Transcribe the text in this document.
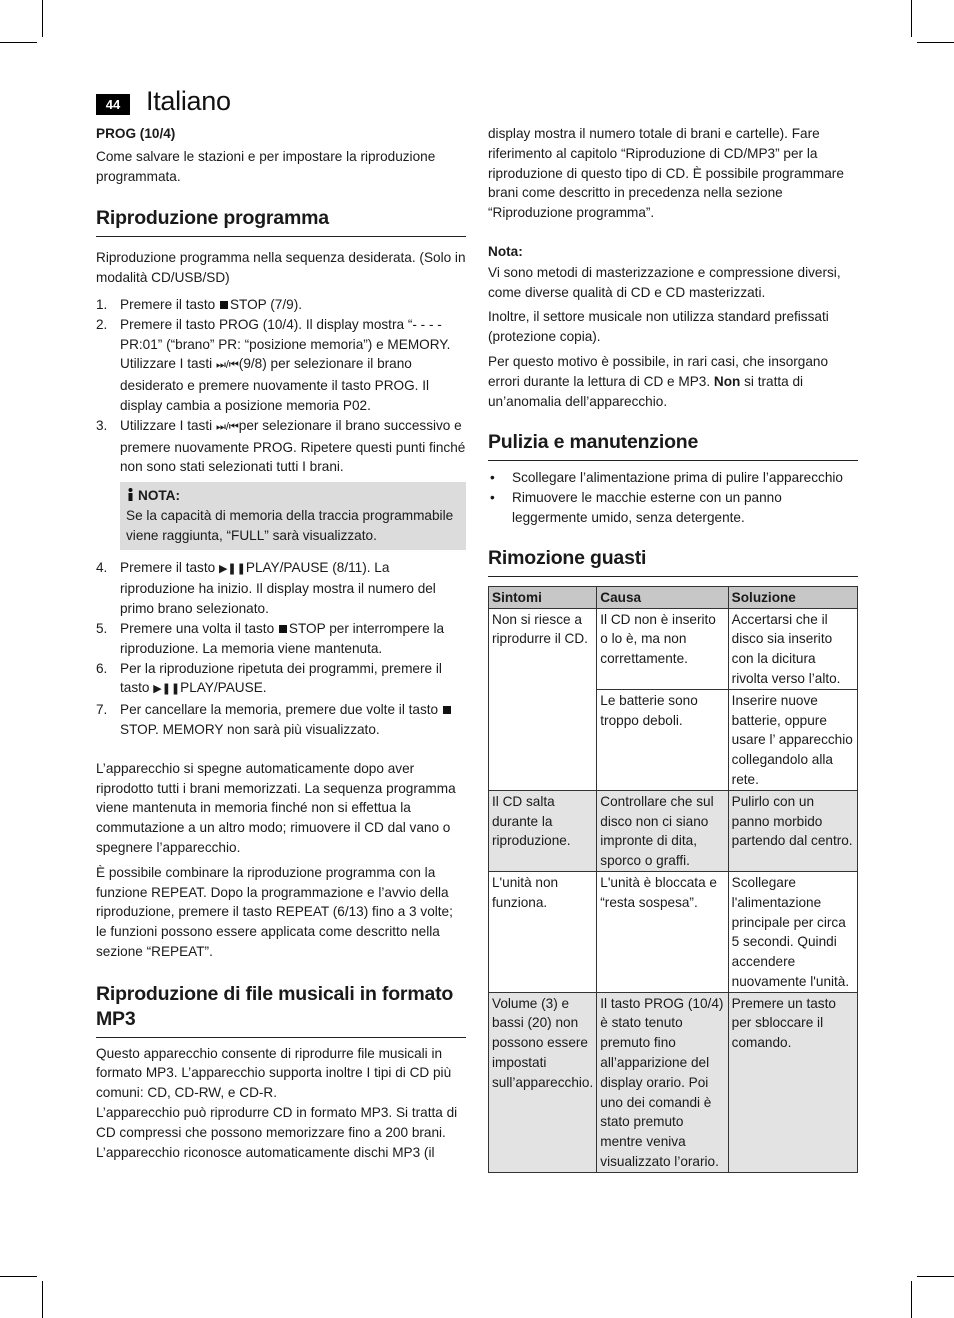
44 Italiano

PROG (10/4)

Come salvare le stazioni e per impostare la riproduzione programmata.

Riproduzione programma

Riproduzione programma nella sequenza desiderata. (Solo in modalità CD/USB/SD)

1. Premere il tasto STOP (7/9).
2. Premere il tasto PROG (10/4). Il display mostra “- - - - PR:01” (“brano” PR: “posizione memoria”) e MEMORY. Utilizzare I tasti ⏭/⏮(9/8) per selezionare il brano desiderato e premere nuovamente il tasto PROG. Il display cambia a posizione memoria P02.
3. Utilizzare I tasti ⏭/⏮per selezionare il brano successivo e premere nuovamente PROG. Ripetere questi punti finché non sono stati selezionati tutti I brani.
NOTA:
Se la capacità di memoria della traccia programmabile viene raggiunta, “FULL” sarà visualizzato.
4. Premere il tasto ▶❚❚PLAY/PAUSE (8/11). La riproduzione ha inizio. Il display mostra il numero del primo brano selezionato.
5. Premere una volta il tasto STOP per interrompere la riproduzione. La memoria viene mantenuta.
6. Per la riproduzione ripetuta dei programmi, premere il tasto ▶❚❚PLAY/PAUSE.
7. Per cancellare la memoria, premere due volte il tasto STOP. MEMORY non sarà più visualizzato.

L’apparecchio si spegne automaticamente dopo aver riprodotto tutti i brani memorizzati. La sequenza programma viene mantenuta in memoria finché non si effettua la commutazione a un altro modo; rimuovere il CD dal vano o spegnere l’apparecchio.

È possibile combinare la riproduzione programma con la funzione REPEAT. Dopo la programmazione e l’avvio della riproduzione, premere il tasto REPEAT (6/13) fino a 3 volte; le funzioni possono essere applicata come descritto nella sezione “REPEAT”.

Riproduzione di file musicali in formato MP3

Questo apparecchio consente di riprodurre file musicali in formato MP3. L’apparecchio supporta inoltre I tipi di CD più comuni: CD, CD-RW, e CD-R.

L’apparecchio può riprodurre CD in formato MP3. Si tratta di CD compressi che possono memorizzare fino a 200 brani. L’apparecchio riconosce automaticamente dischi MP3 (il

display mostra il numero totale di brani e cartelle). Fare riferimento al capitolo “Riproduzione di CD/MP3” per la riproduzione di questo tipo di CD. È possibile programmare brani come descritto in precedenza nella sezione “Riproduzione programma”.

Nota:

Vi sono metodi di masterizzazione e compressione diversi, come diverse qualità di CD e CD masterizzati.

Inoltre, il settore musicale non utilizza standard prefissati (protezione copia).

Per questo motivo è possibile, in rari casi, che insorgano errori durante la lettura di CD e MP3. Non si tratta di un’anomalia dell’apparecchio.

Pulizia e manutenzione
• Scollegare l’alimentazione prima di pulire l’apparecchio
• Rimuovere le macchie esterne con un panno leggermente umido, senza detergente.
Rimozione guasti
Sintomi	Causa	Soluzione
Non si riesce a riprodurre il CD.	Il CD non è inserito o lo è, ma non correttamente.	Accertarsi che il disco sia inserito con la dicitura rivolta verso l’alto.
	Le batterie sono troppo deboli.	Inserire nuove batterie, oppure usare l’ apparecchio collegandolo alla rete.
Il CD salta durante la riproduzione.	Controllare che sul disco non ci siano impronte di dita, sporco o graffi.	Pulirlo con un panno morbido partendo dal centro.
L'unità non funziona.	L'unità è bloccata e “resta sospesa”.	Scollegare l'alimentazione principale per circa 5 secondi. Quindi accendere nuovamente l'unità.
Volume (3) e bassi (20) non possono essere impostati sull’apparecchio.	Il tasto PROG (10/4) è stato tenuto premuto fino all’apparizione del display orario. Poi uno dei comandi è stato premuto mentre veniva visualizzato l’orario.	Premere un tasto per sbloccare il comando.
